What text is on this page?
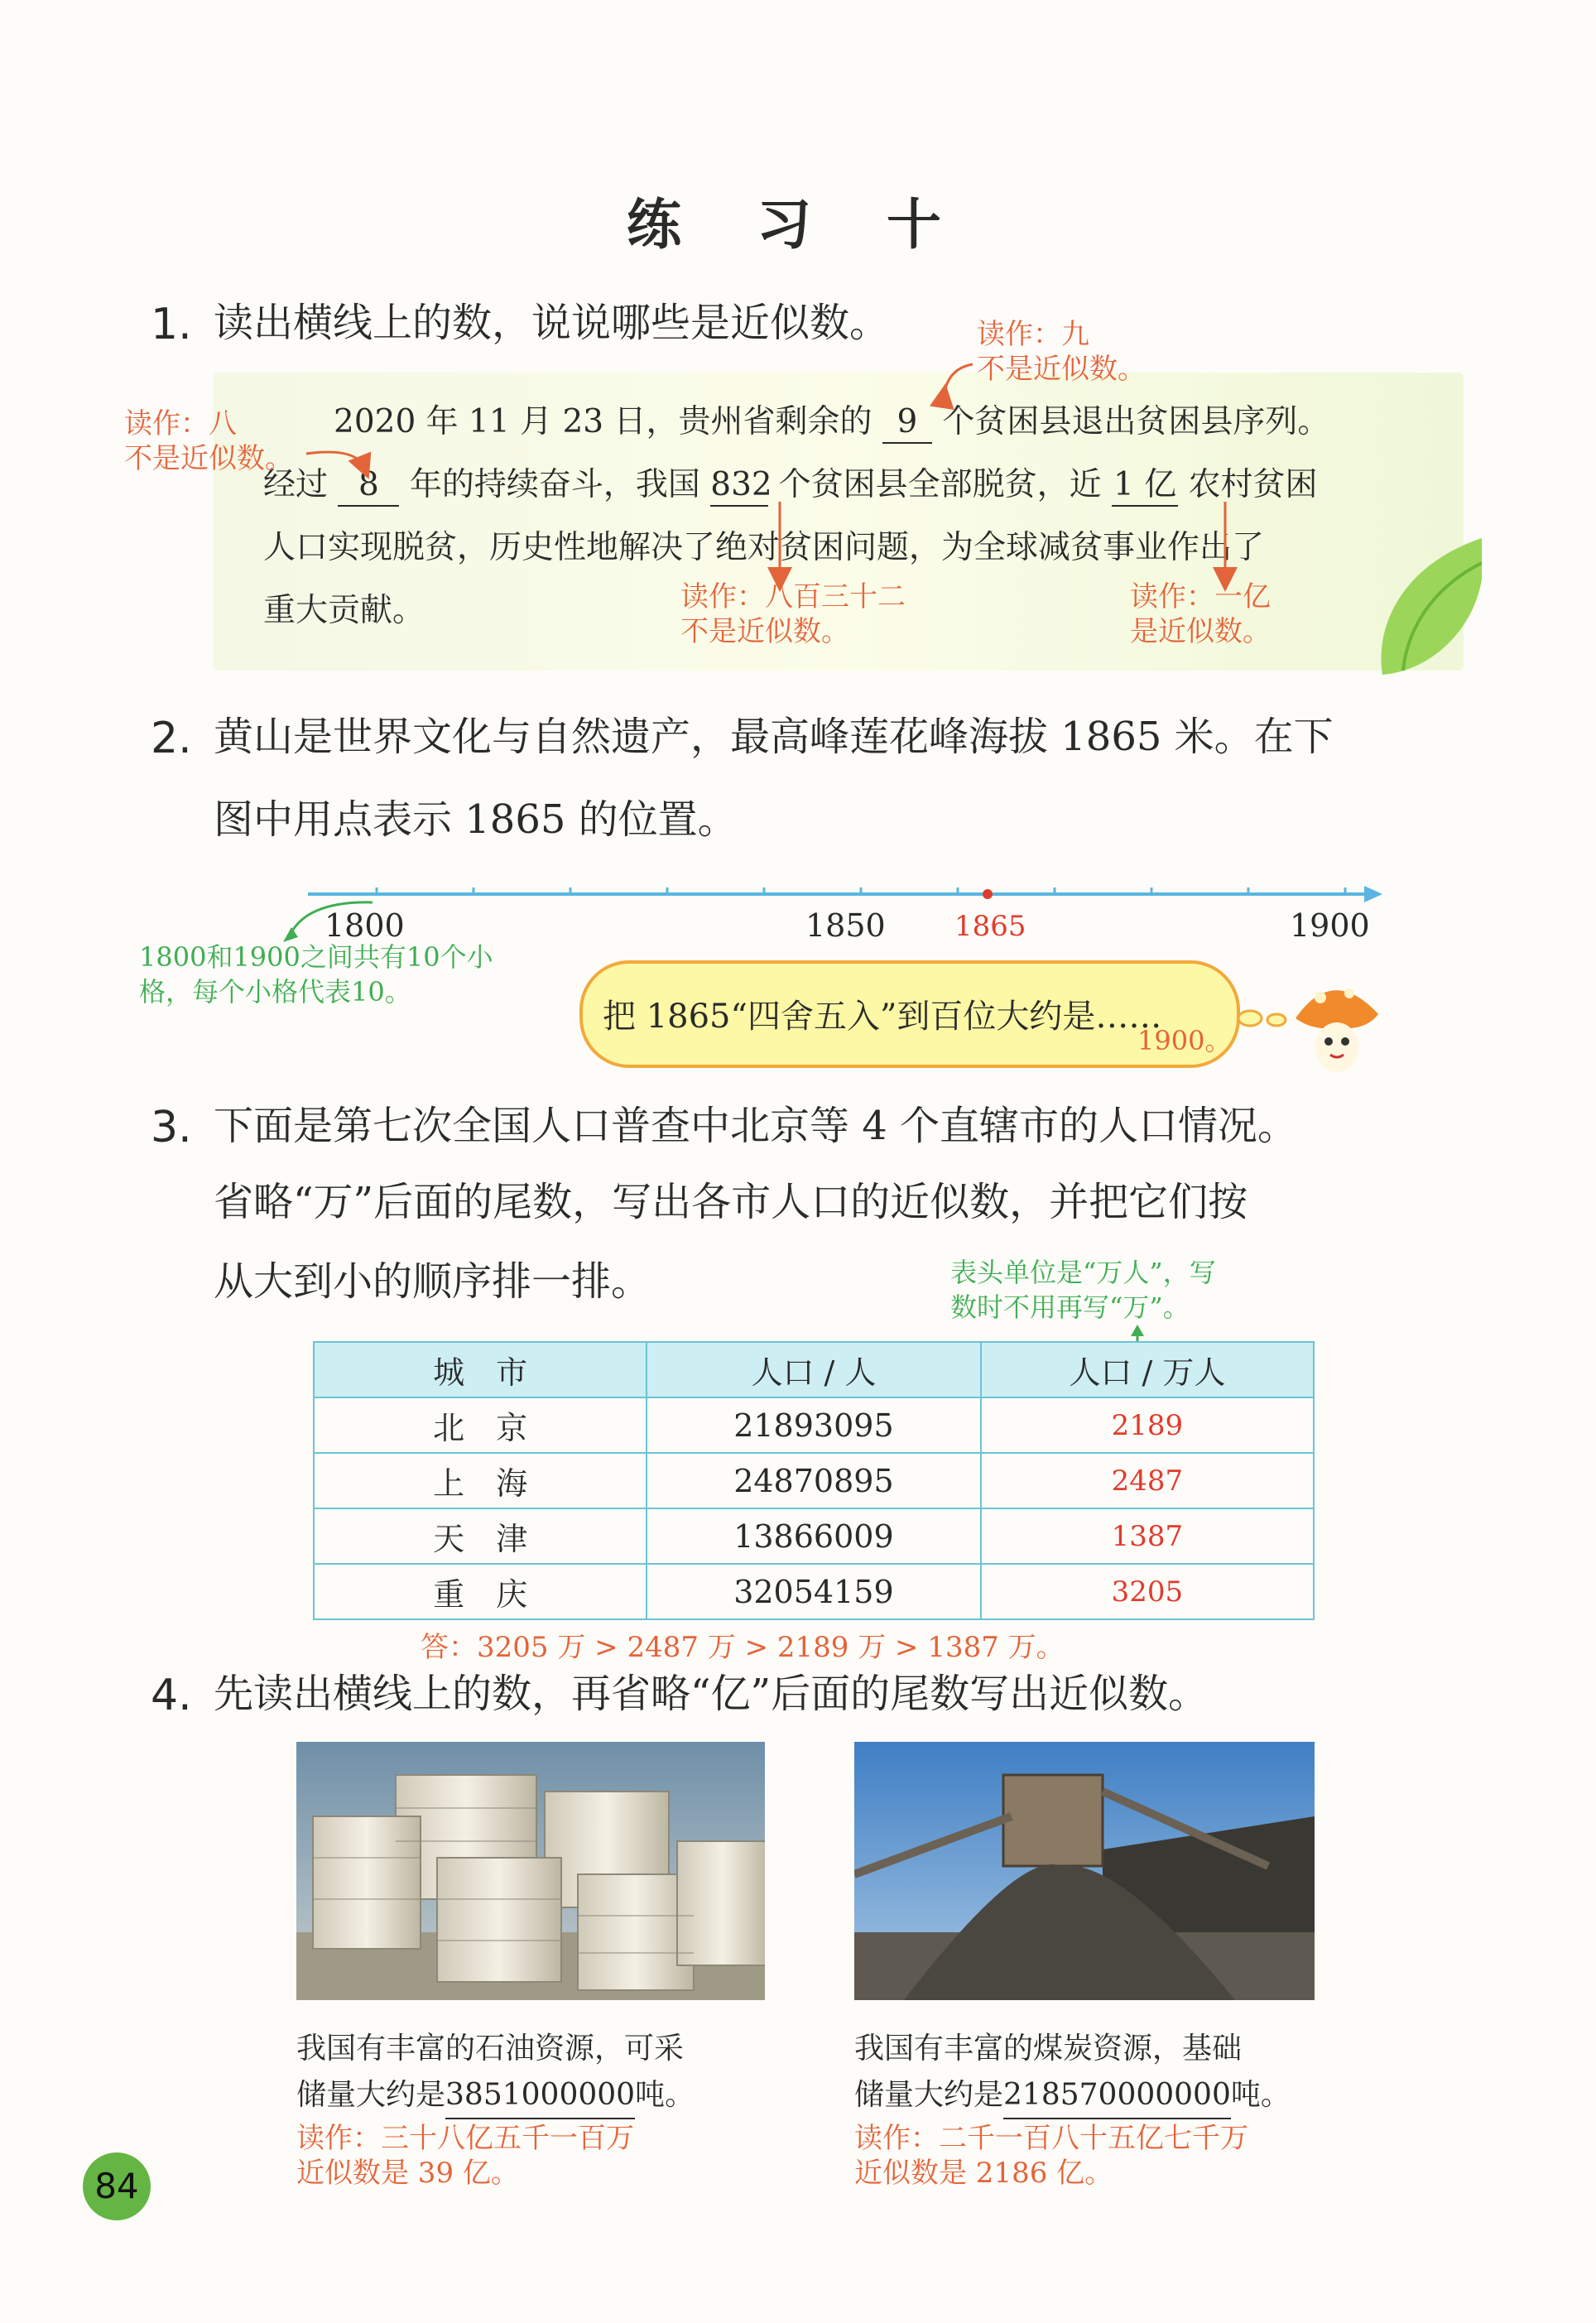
练 习 十
1. 读出横线上的数，说说哪些是近似数。
2020 年 11 月 23 日，贵州省剩余的 9 个贫困县退出贫困县序列。
经过 8 年的持续奋斗，我国 832 个贫困县全部脱贫，近 1 亿 农村贫困
人口实现脱贫，历史性地解决了绝对贫困问题，为全球减贫事业作出了
重大贡献。
读作：九
不是近似数。
读作：八
不是近似数。
读作：八百三十二
不是近似数。
读作：一亿
是近似数。
2. 黄山是世界文化与自然遗产，最高峰莲花峰海拔 1865 米。在下
图中用点表示 1865 的位置。
1800	1850 1865	1900
1800和1900之间共有10个小
格，每个小格代表10。
把 1865“四舍五入”到百位大约是……
1900。
3. 下面是第七次全国人口普查中北京等 4 个直辖市的人口情况。
省略“万”后面的尾数，写出各市人口的近似数，并把它们按
从大到小的顺序排一排。	表头单位是“万人”，写
数时不用再写“万”。
城　市	人口 / 人	人口 / 万人
北　京	21893095	2189
上　海	24870895	2487
天　津	13866009	1387
重　庆	32054159	3205
答：3205 万 > 2487 万 > 2189 万 > 1387 万。
4. 先读出横线上的数，再省略“亿”后面的尾数写出近似数。
我国有丰富的石油资源，可采
储量大约是3851000000吨。
读作：三十八亿五千一百万
近似数是 39 亿。
我国有丰富的煤炭资源，基础
储量大约是218570000000吨。
读作：二千一百八十五亿七千万
近似数是 2186 亿。
84
